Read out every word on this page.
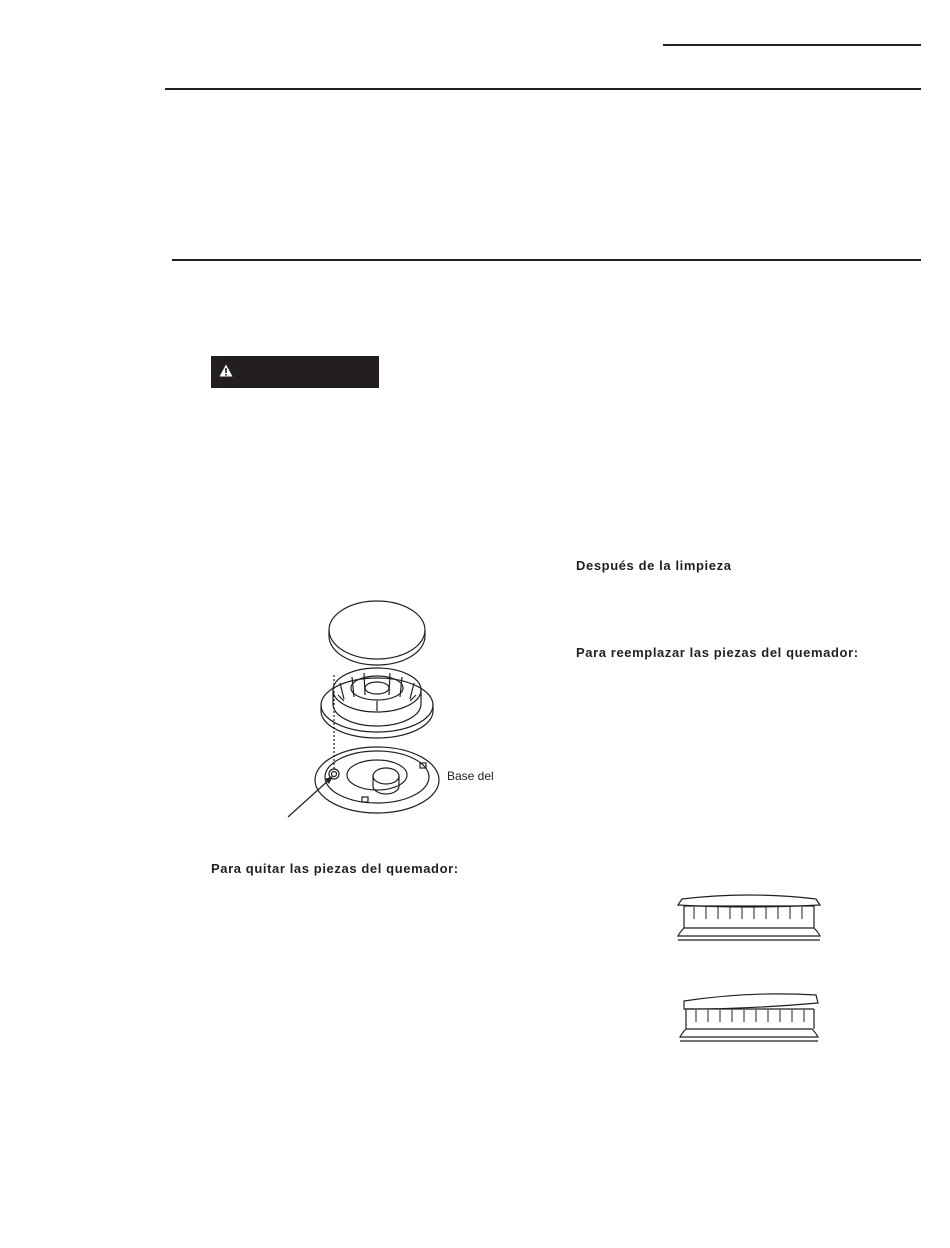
Después de la limpieza
Para reemplazar las piezas del quemador:
Para quitar las piezas del quemador:
Base del
